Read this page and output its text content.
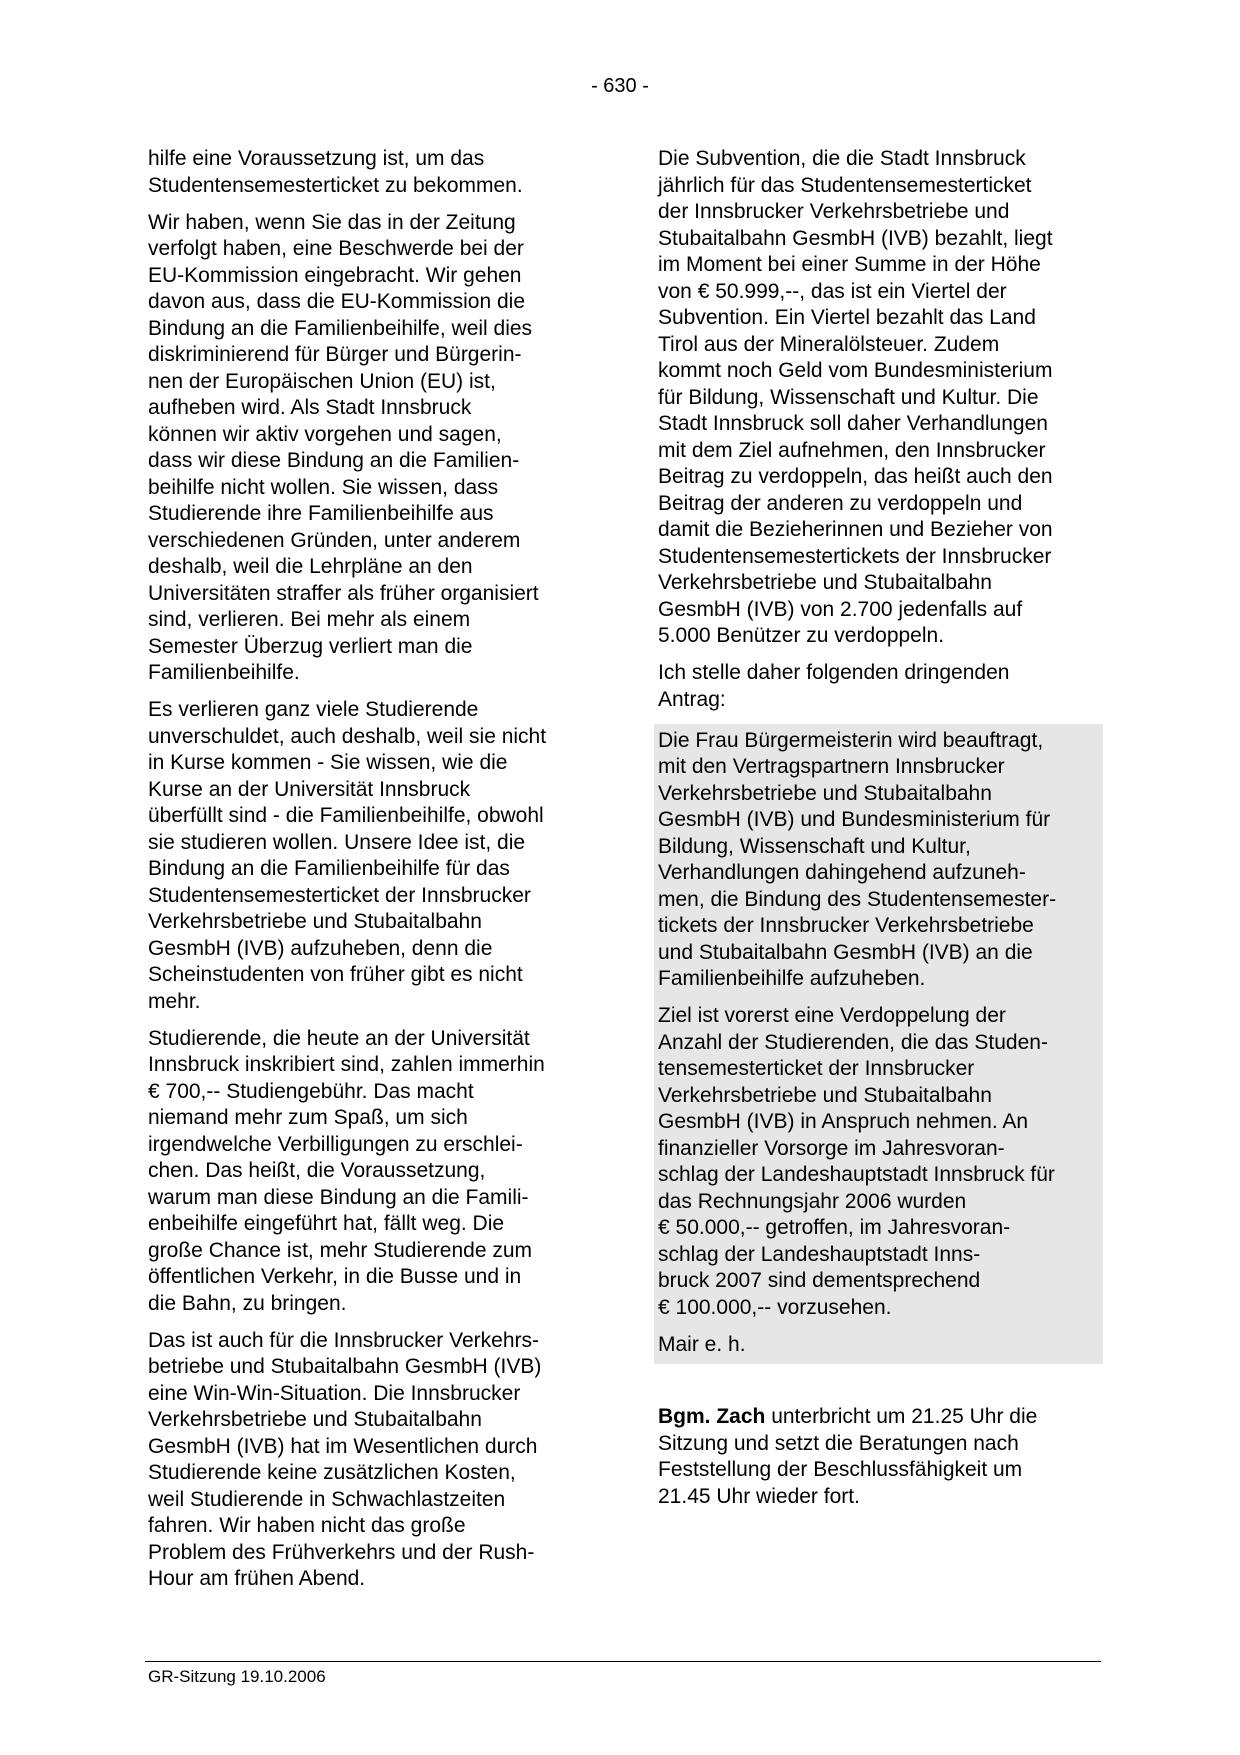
- 630 -

hilfe eine Voraussetzung ist, um das
Studentensemesterticket zu bekommen.

Wir haben, wenn Sie das in der Zeitung
verfolgt haben, eine Beschwerde bei der
EU-Kommission eingebracht. Wir gehen
davon aus, dass die EU-Kommission die
Bindung an die Familienbeihilfe, weil dies
diskriminierend für Bürger und Bürgerin-
nen der Europäischen Union (EU) ist,
aufheben wird. Als Stadt Innsbruck
können wir aktiv vorgehen und sagen,
dass wir diese Bindung an die Familien-
beihilfe nicht wollen. Sie wissen, dass
Studierende ihre Familienbeihilfe aus
verschiedenen Gründen, unter anderem
deshalb, weil die Lehrpläne an den
Universitäten straffer als früher organisiert
sind, verlieren. Bei mehr als einem
Semester Überzug verliert man die
Familienbeihilfe.

Es verlieren ganz viele Studierende
unverschuldet, auch deshalb, weil sie nicht
in Kurse kommen - Sie wissen, wie die
Kurse an der Universität Innsbruck
überfüllt sind - die Familienbeihilfe, obwohl
sie studieren wollen. Unsere Idee ist, die
Bindung an die Familienbeihilfe für das
Studentensemesterticket der Innsbrucker
Verkehrsbetriebe und Stubaitalbahn
GesmbH (IVB) aufzuheben, denn die
Scheinstudenten von früher gibt es nicht
mehr.

Studierende, die heute an der Universität
Innsbruck inskribiert sind, zahlen immerhin
€ 700,-- Studiengebühr. Das macht
niemand mehr zum Spaß, um sich
irgendwelche Verbilligungen zu erschlei-
chen. Das heißt, die Voraussetzung,
warum man diese Bindung an die Famili-
enbeihilfe eingeführt hat, fällt weg. Die
große Chance ist, mehr Studierende zum
öffentlichen Verkehr, in die Busse und in
die Bahn, zu bringen.

Das ist auch für die Innsbrucker Verkehrs-
betriebe und Stubaitalbahn GesmbH (IVB)
eine Win-Win-Situation. Die Innsbrucker
Verkehrsbetriebe und Stubaitalbahn
GesmbH (IVB) hat im Wesentlichen durch
Studierende keine zusätzlichen Kosten,
weil Studierende in Schwachlastzeiten
fahren. Wir haben nicht das große
Problem des Frühverkehrs und der Rush-
Hour am frühen Abend.

Die Subvention, die die Stadt Innsbruck
jährlich für das Studentensemesterticket
der Innsbrucker Verkehrsbetriebe und
Stubaitalbahn GesmbH (IVB) bezahlt, liegt
im Moment bei einer Summe in der Höhe
von € 50.999,--, das ist ein Viertel der
Subvention. Ein Viertel bezahlt das Land
Tirol aus der Mineralölsteuer. Zudem
kommt noch Geld vom Bundesministerium
für Bildung, Wissenschaft und Kultur. Die
Stadt Innsbruck soll daher Verhandlungen
mit dem Ziel aufnehmen, den Innsbrucker
Beitrag zu verdoppeln, das heißt auch den
Beitrag der anderen zu verdoppeln und
damit die Bezieherinnen und Bezieher von
Studentensemestertickets der Innsbrucker
Verkehrsbetriebe und Stubaitalbahn
GesmbH (IVB) von 2.700 jedenfalls auf
5.000 Benützer zu verdoppeln.

Ich stelle daher folgenden dringenden
Antrag:

Die Frau Bürgermeisterin wird beauftragt,
mit den Vertragspartnern Innsbrucker
Verkehrsbetriebe und Stubaitalbahn
GesmbH (IVB) und Bundesministerium für
Bildung, Wissenschaft und Kultur,
Verhandlungen dahingehend aufzuneh-
men, die Bindung des Studentensemester-
tickets der Innsbrucker Verkehrsbetriebe
und Stubaitalbahn GesmbH (IVB) an die
Familienbeihilfe aufzuheben.

Ziel ist vorerst eine Verdoppelung der
Anzahl der Studierenden, die das Studen-
tensemesterticket der Innsbrucker
Verkehrsbetriebe und Stubaitalbahn
GesmbH (IVB) in Anspruch nehmen. An
finanzieller Vorsorge im Jahresvoran-
schlag der Landeshauptstadt Innsbruck für
das Rechnungsjahr 2006 wurden
€ 50.000,-- getroffen, im Jahresvoran-
schlag der Landeshauptstadt Inns-
bruck 2007 sind dementsprechend
€ 100.000,-- vorzusehen.

Mair e. h.

Bgm. Zach unterbricht um 21.25 Uhr die
Sitzung und setzt die Beratungen nach
Feststellung der Beschlussfähigkeit um
21.45 Uhr wieder fort.

GR-Sitzung 19.10.2006
